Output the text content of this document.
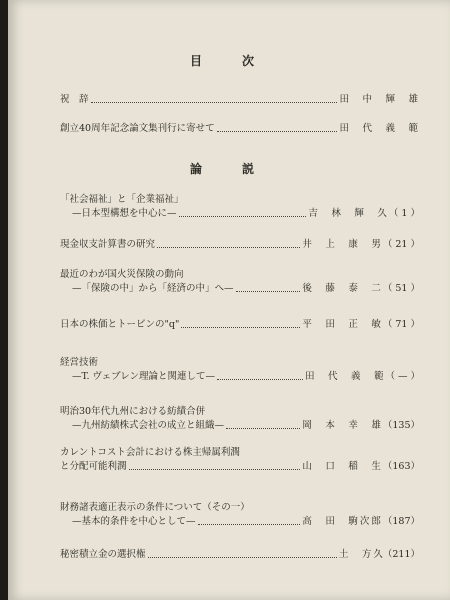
目　次
祝　辞	田　中　輝　雄
創立40周年記念論文集刊行に寄せて	田　代　義　範
論　説
「社会福祉」と「企業福祉」
—日本型構想を中心に—	吉　林　輝　久 （ 1 ）
現金収支計算書の研究	井　上　康　男 （ 21 ）
最近のわが国火災保険の動向
—「保険の中」から「経済の中」へ—	後　藤　泰　二 （ 51 ）
日本の株価とトービンの"q"	平　田　正　敏 （ 71 ）
経営技術
—T. ヴェブレン理論と関連して—	田　代　義　範 （ — ）
明治30年代九州における紡績合併
—九州紡績株式会社の成立と組織—	岡　本　幸　雄 （135）
カレントコスト会計における株主帰属利潤
と分配可能利潤	山　口　稲　生 （163）
財務諸表適正表示の条件について（その一）
—基本的条件を中心として—	高　田　駒次郎 （187）
秘密積立金の選択権	土　方 久（211）
